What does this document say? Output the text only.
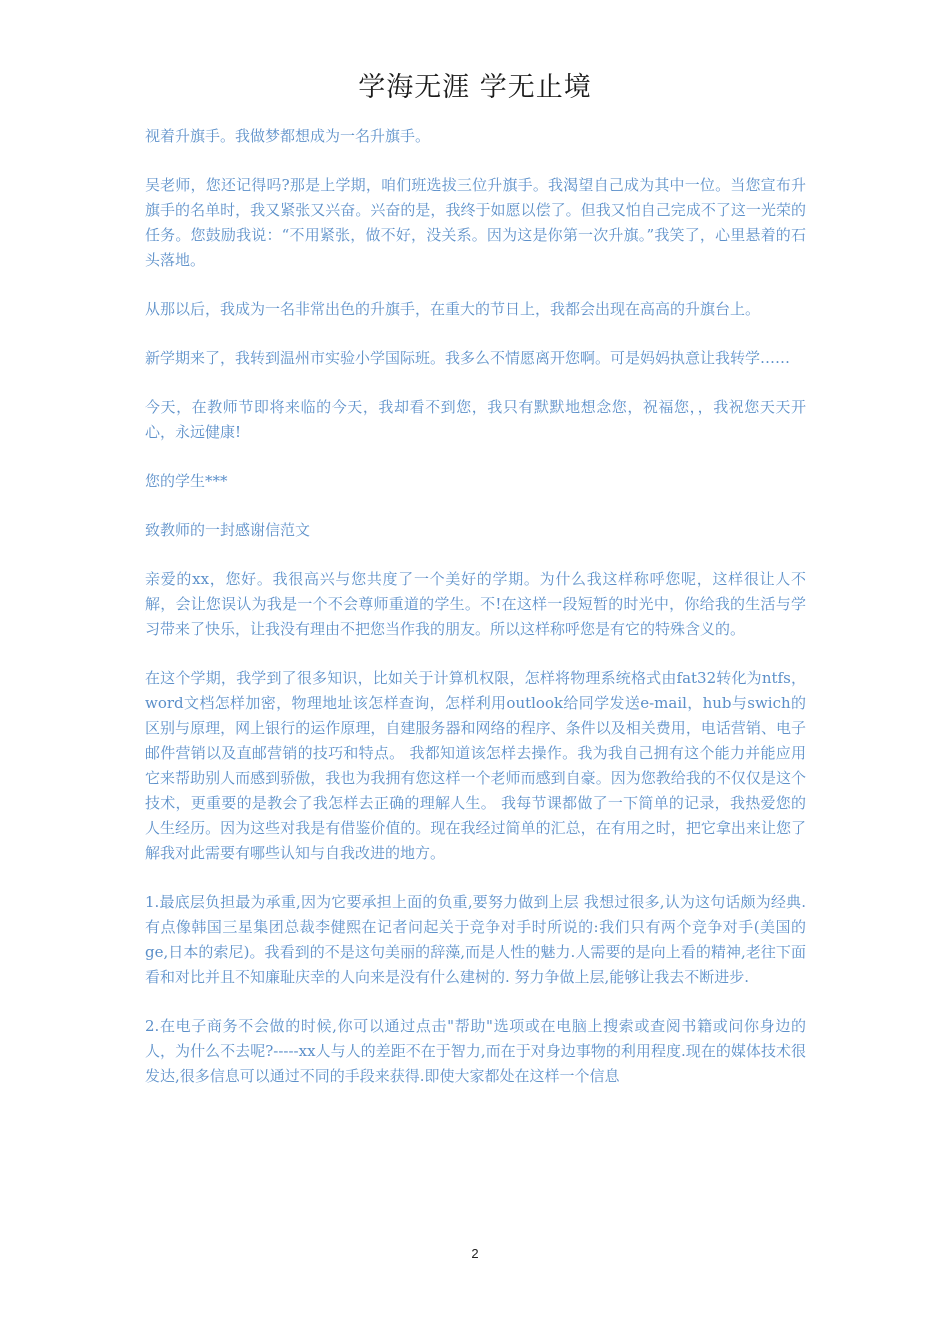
学海无涯 学无止境

视着升旗手。我做梦都想成为一名升旗手。

吴老师，您还记得吗?那是上学期，咱们班选拔三位升旗手。我渴望自己成为其中一位。当您宣布升旗手的名单时，我又紧张又兴奋。兴奋的是，我终于如愿以偿了。但我又怕自己完成不了这一光荣的任务。您鼓励我说：“不用紧张，做不好，没关系。因为这是你第一次升旗。”我笑了，心里悬着的石头落地。

从那以后，我成为一名非常出色的升旗手，在重大的节日上，我都会出现在高高的升旗台上。

新学期来了，我转到温州市实验小学国际班。我多么不情愿离开您啊。可是妈妈执意让我转学……

今天，在教师节即将来临的今天，我却看不到您，我只有默默地想念您，祝福您，，我祝您天天开心，永远健康!

您的学生***

致教师的一封感谢信范文

亲爱的xx，您好。我很高兴与您共度了一个美好的学期。为什么我这样称呼您呢，这样很让人不解，会让您误认为我是一个不会尊师重道的学生。不!在这样一段短暂的时光中，你给我的生活与学习带来了快乐，让我没有理由不把您当作我的朋友。所以这样称呼您是有它的特殊含义的。

在这个学期，我学到了很多知识，比如关于计算机权限，怎样将物理系统格式由fat32转化为ntfs，word文档怎样加密，物理地址该怎样查询，怎样利用outlook给同学发送e-mail，hub与swich的区别与原理，网上银行的运作原理，自建服务器和网络的程序、条件以及相关费用，电话营销、电子邮件营销以及直邮营销的技巧和特点。 我都知道该怎样去操作。我为我自己拥有这个能力并能应用它来帮助别人而感到骄傲，我也为我拥有您这样一个老师而感到自豪。因为您教给我的不仅仅是这个技术，更重要的是教会了我怎样去正确的理解人生。 我每节课都做了一下简单的记录，我热爱您的人生经历。因为这些对我是有借鉴价值的。现在我经过简单的汇总，在有用之时，把它拿出来让您了解我对此需要有哪些认知与自我改进的地方。

1.最底层负担最为承重,因为它要承担上面的负重,要努力做到上层 我想过很多,认为这句话颇为经典.有点像韩国三星集团总裁李健熙在记者问起关于竞争对手时所说的:我们只有两个竞争对手(美国的ge,日本的索尼)。我看到的不是这句美丽的辞藻,而是人性的魅力.人需要的是向上看的精神,老往下面看和对比并且不知廉耻庆幸的人向来是没有什么建树的. 努力争做上层,能够让我去不断进步.

2.在电子商务不会做的时候,你可以通过点击"帮助"选项或在电脑上搜索或查阅书籍或问你身边的人，为什么不去呢?-----xx人与人的差距不在于智力,而在于对身边事物的利用程度.现在的媒体技术很发达,很多信息可以通过不同的手段来获得.即使大家都处在这样一个信息

2
